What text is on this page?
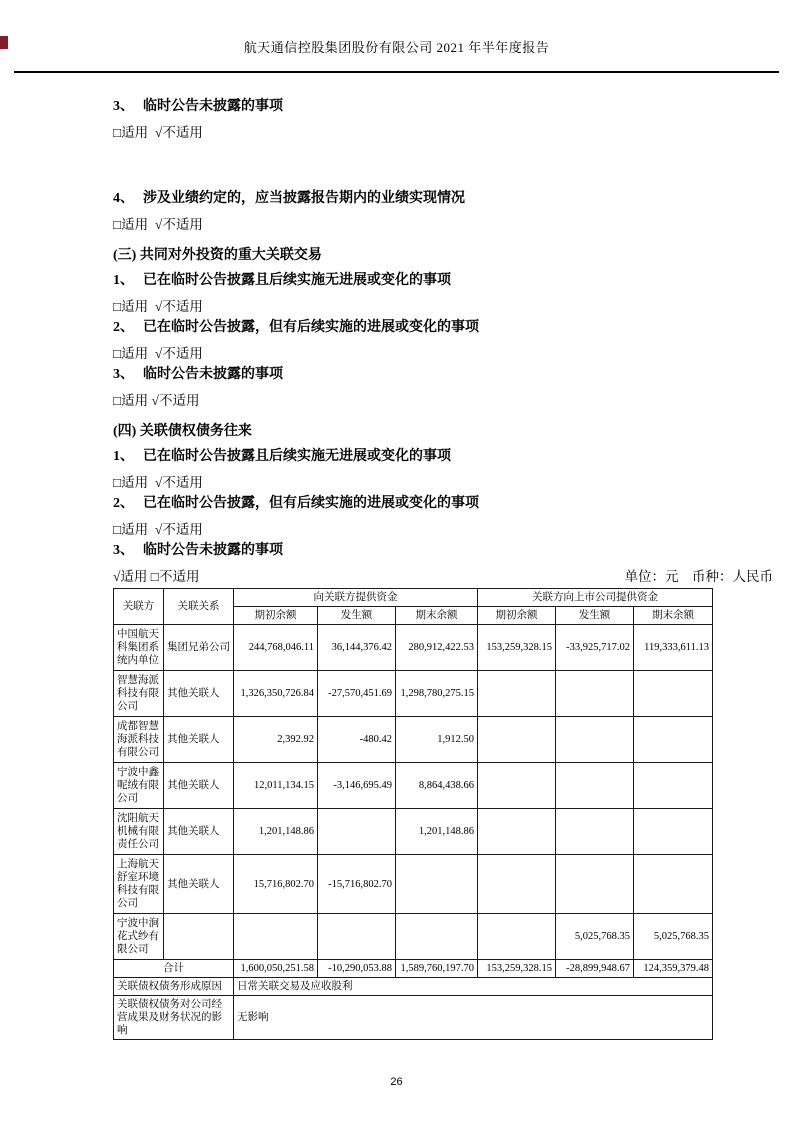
航天通信控股集团股份有限公司 2021 年半年度报告
3、 临时公告未披露的事项
□适用  √不适用
4、 涉及业绩约定的，应当披露报告期内的业绩实现情况
□适用  √不适用
(三) 共同对外投资的重大关联交易
1、 已在临时公告披露且后续实施无进展或变化的事项
□适用  √不适用
2、 已在临时公告披露，但有后续实施的进展或变化的事项
□适用  √不适用
3、 临时公告未披露的事项
□适用 √不适用
(四) 关联债权债务往来
1、 已在临时公告披露且后续实施无进展或变化的事项
□适用  √不适用
2、 已在临时公告披露，但有后续实施的进展或变化的事项
□适用  √不适用
3、 临时公告未披露的事项
√适用 □不适用	单位：元　币种：人民币
关联方	关联关系	向关联方提供资金			关联方向上市公司提供资金		
		期初余额	发生额	期末余额	期初余额	发生额	期末余额
中国航天科集团系统内单位	集团兄弟公司	244,768,046.11	36,144,376.42	280,912,422.53	153,259,328.15	-33,925,717.02	119,333,611.13
智慧海派科技有限公司	其他关联人	1,326,350,726.84	-27,570,451.69	1,298,780,275.15			
成都智慧海派科技有限公司	其他关联人	2,392.92	-480.42	1,912.50			
宁波中鑫呢绒有限公司	其他关联人	12,011,134.15	-3,146,695.49	8,864,438.66			
沈阳航天机械有限责任公司	其他关联人	1,201,148.86		1,201,148.86			
上海航天舒室环境科技有限公司	其他关联人	15,716,802.70	-15,716,802.70				
宁波中涧花式纱有限公司						5,025,768.35	5,025,768.35
合计		1,600,050,251.58	-10,290,053.88	1,589,760,197.70	153,259,328.15	-28,899,948.67	124,359,379.48
关联债权债务形成原因		日常关联交易及应收股利					
关联债权债务对公司经营成果及财务状况的影响		无影响					
26
